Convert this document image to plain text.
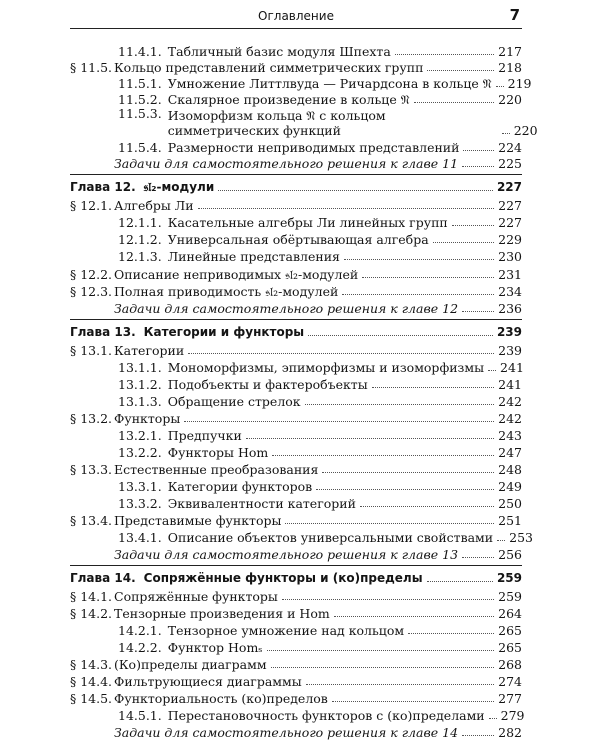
Оглавление	7
11.4.1. Табличный базис модуля Шпехта	217
§ 11.5. Кольцо представлений симметрических групп	218
11.5.1. Умножение Литтлвуда — Ричардсона в кольце 𝔑 219
11.5.2. Скалярное произведение в кольце 𝔑	220
11.5.3. Изоморфизм кольца 𝔑 с кольцом симметрических функций	220
11.5.4. Размерности неприводимых представлений	224
Задачи для самостоятельного решения к главе 11	225
Глава 12. 𝔰𝔩₂-модули	227
§ 12.1. Алгебры Ли	227
12.1.1. Касательные алгебры Ли линейных групп	227
12.1.2. Универсальная обёртывающая алгебра	229
12.1.3. Линейные представления	230
§ 12.2. Описание неприводимых 𝔰𝔩₂-модулей	231
§ 12.3. Полная приводимость 𝔰𝔩₂-модулей	234
Задачи для самостоятельного решения к главе 12	236
Глава 13. Категории и функторы	239
§ 13.1. Категории	239
13.1.1. Мономорфизмы, эпиморфизмы и изоморфизмы 241
13.1.2. Подобъекты и фактеробъекты	241
13.1.3. Обращение стрелок	242
§ 13.2. Функторы	242
13.2.1. Предпучки	243
13.2.2. Функторы Hom	247
§ 13.3. Естественные преобразования	248
13.3.1. Категории функторов	249
13.3.2. Эквивалентности категорий	250
§ 13.4. Представимые функторы	251
13.4.1. Описание объектов универсальными свойствами 253
Задачи для самостоятельного решения к главе 13	256
Глава 14. Сопряжённые функторы и (ко)пределы	259
§ 14.1. Сопряжённые функторы	259
§ 14.2. Тензорные произведения и Hom	264
14.2.1. Тензорное умножение над кольцом	265
14.2.2. Функтор Homₛ	265
§ 14.3. (Ко)пределы диаграмм	268
§ 14.4. Фильтрующиеся диаграммы	274
§ 14.5. Функториальность (ко)пределов	277
14.5.1. Перестановочность функторов с (ко)пределами 279
Задачи для самостоятельного решения к главе 14	282
